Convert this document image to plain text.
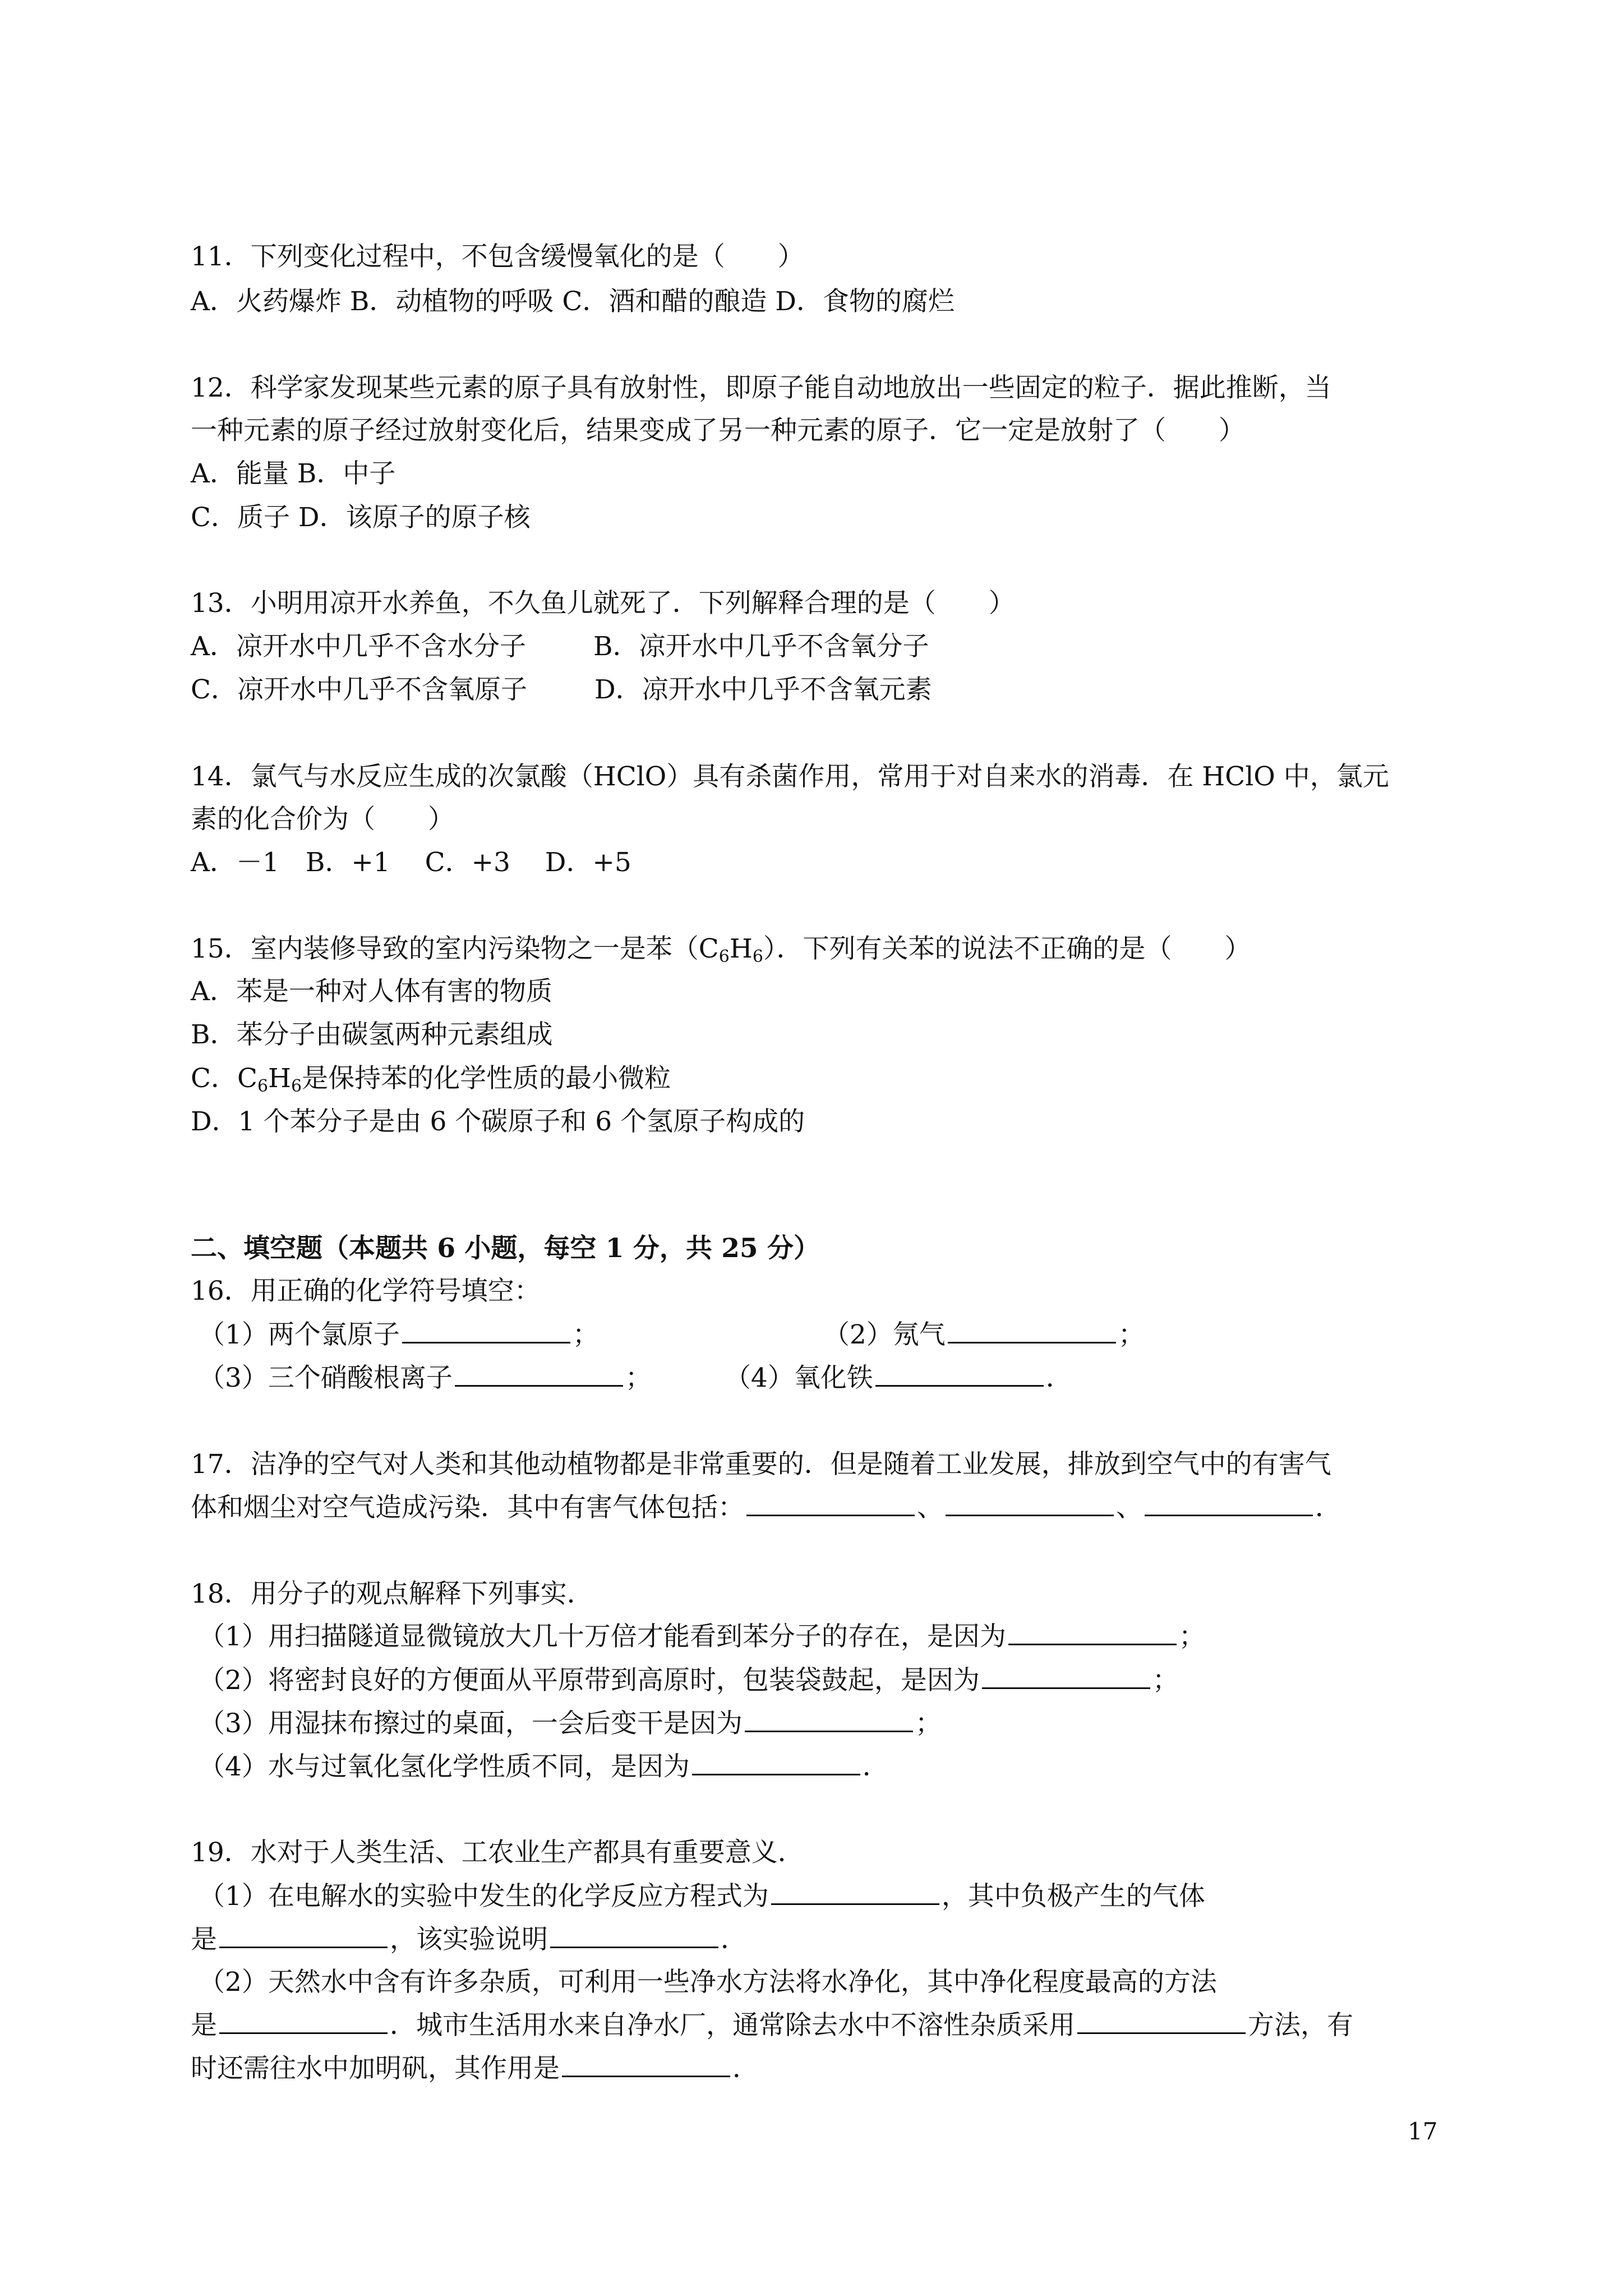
11．下列变化过程中，不包含缓慢氧化的是（　　）
A．火药爆炸 B．动植物的呼吸 C．酒和醋的酿造 D．食物的腐烂
12．科学家发现某些元素的原子具有放射性，即原子能自动地放出一些固定的粒子．据此推断，当
一种元素的原子经过放射变化后，结果变成了另一种元素的原子．它一定是放射了（　　）
A．能量 B．中子
C．质子 D．该原子的原子核
13．小明用凉开水养鱼，不久鱼儿就死了．下列解释合理的是（　　）
A．凉开水中几乎不含水分子	B．凉开水中几乎不含氧分子
C．凉开水中几乎不含氧原子	D．凉开水中几乎不含氧元素
14．氯气与水反应生成的次氯酸（HClO）具有杀菌作用，常用于对自来水的消毒．在 HClO 中，氯元
素的化合价为（　　）
A．－1　B．+1　 C．+3　 D．+5
15．室内装修导致的室内污染物之一是苯$(C_6H_6)$．下列有关苯的说法不正确的是（　　）
A．苯是一种对人体有害的物质
B．苯分子由碳氢两种元素组成
C．$C_6H_6$是保持苯的化学性质的最小微粒
D．1 个苯分子是由 6 个碳原子和 6 个氢原子构成的
二、填空题（本题共 6 小题，每空 1 分，共 25 分）
16．用正确的化学符号填空：
（1）两个氯原子	；	（2）氖气	；
（3）三个硝酸根离子	；	（4）氧化铁	．
17．洁净的空气对人类和其他动植物都是非常重要的．但是随着工业发展，排放到空气中的有害气
体和烟尘对空气造成污染．其中有害气体包括：	、	、	．
18．用分子的观点解释下列事实．
（1）用扫描隧道显微镜放大几十万倍才能看到苯分子的存在，是因为	；
（2）将密封良好的方便面从平原带到高原时，包装袋鼓起，是因为	；
（3）用湿抹布擦过的桌面，一会后变干是因为	；
（4）水与过氧化氢化学性质不同，是因为	．
19．水对于人类生活、工农业生产都具有重要意义．
（1）在电解水的实验中发生的化学反应方程式为	，其中负极产生的气体
是	，该实验说明	．
（2）天然水中含有许多杂质，可利用一些净水方法将水净化，其中净化程度最高的方法
是	．城市生活用水来自净水厂，通常除去水中不溶性杂质采用	方法，有
时还需往水中加明矾，其作用是	．
17
